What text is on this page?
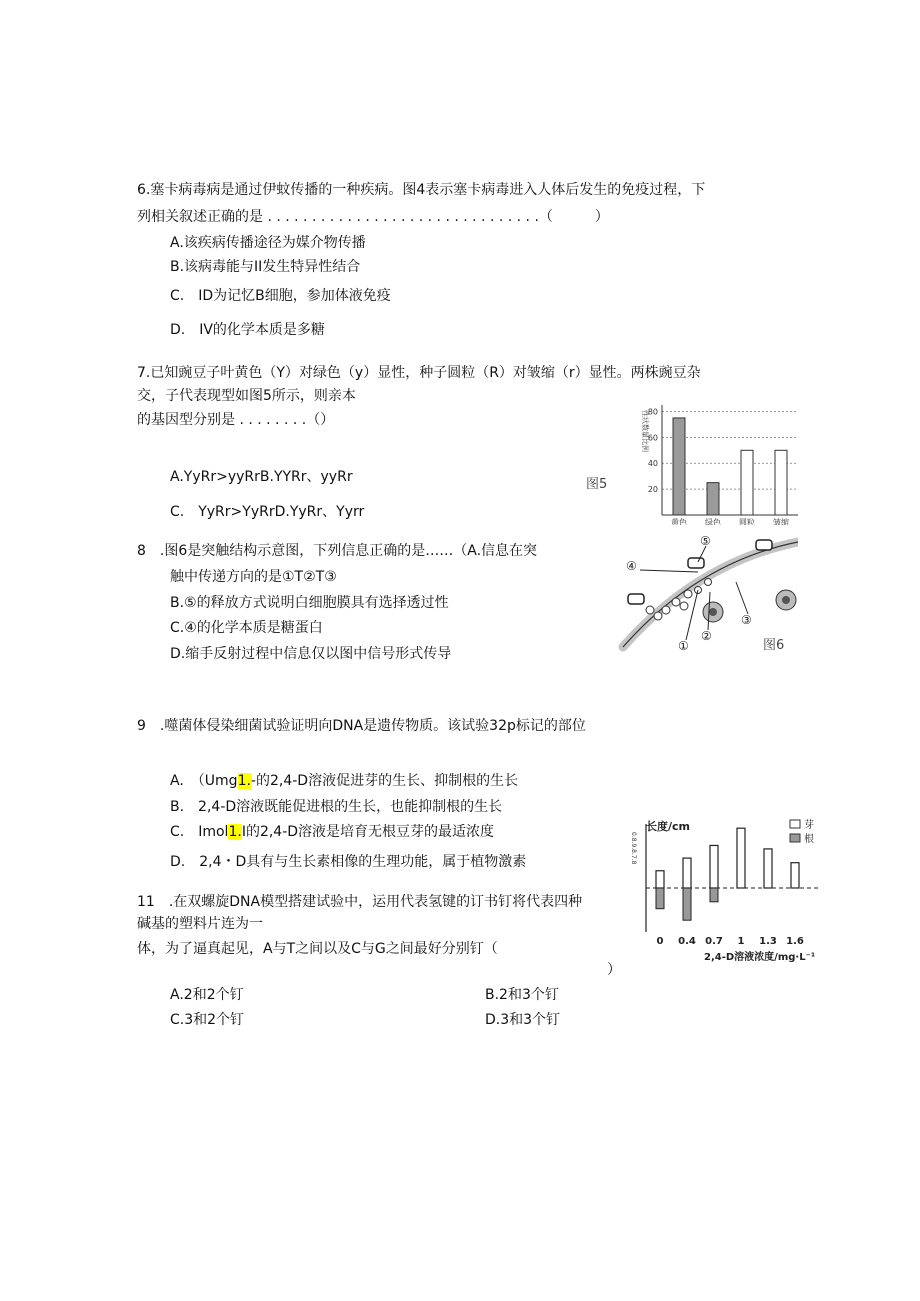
6.塞卡病毒病是通过伊蚊传播的一种疾病。图4表示塞卡病毒进入人体后发生的免疫过程，下
列相关叙述正确的是 . . . . . . . . . . . . . . . . . . . . . . . . . . . . . . .（　　　）
A.该疾病传播途径为媒介物传播
B.该病毒能与II发生特异性结合
C.　ID为记忆B细胞，参加体液免疫
D.　IV的化学本质是多糖
7.已知豌豆子叶黄色（Y）对绿色（y）显性，种子圆粒（R）对皱缩（r）显性。两株豌豆杂
交，子代表现型如图5所示，则亲本
的基因型分别是 . . . . . . . .（）
A.YyRr>yyRrB.YYRr、yyRr
C.　YyRr>YyRrD.YyRr、Yyrr
性状数量比例
图5	20
40
60
80
黄色 绿色 圆粒 皱缩
8　.图6是突触结构示意图，下列信息正确的是……（A.信息在突
触中传递方向的是①T②T③
B.⑤的释放方式说明白细胞膜具有选择透过性
C.④的化学本质是糖蛋白
D.缩手反射过程中信息仅以图中信号形式传导
④
⑤
①
②
③
图6
9　.噬菌体侵染细菌试验证明向DNA是遗传物质。该试验32p标记的部位
A.　（Umg1.-的2,4-D溶液促进芽的生长、抑制根的生长
B.　2,4-D溶液既能促进根的生长，也能抑制根的生长
C.　Imol1.I的2,4-D溶液是培育无根豆芽的最适浓度
D.　2,4・D具有与生长素相像的生理功能，属于植物激素
长度/cm
0.8.9.8.7.8
芽
根
2,4-D溶液浓度/mg·L⁻¹
0 0.4 0.7 1 1.3 1.6
11　.在双螺旋DNA模型搭建试验中，运用代表氢键的订书钉将代表四种
碱基的塑料片连为一
体，为了逼真起见，A与T之间以及C与G之间最好分别钉（
）
A.2和2个钉	B.2和3个钉
C.3和2个钉	D.3和3个钉
